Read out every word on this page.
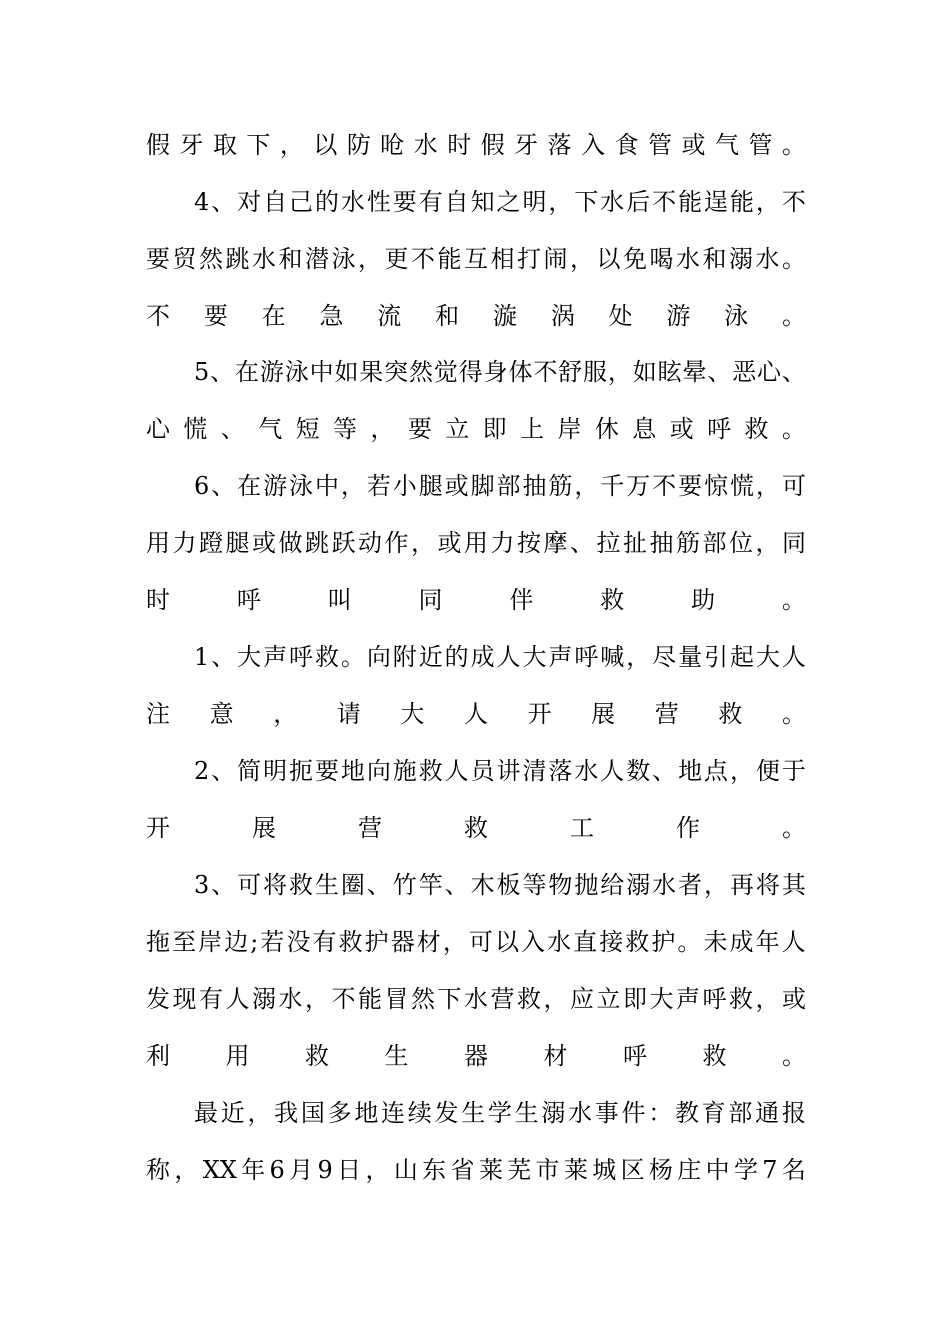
假 牙 取 下 ， 以 防 呛 水 时 假 牙 落 入 食 管 或 气 管 。
4 、 对 自 己 的 水 性 要 有 自 知 之 明 ， 下 水 后 不 能 逞 能 ， 不
要 贸 然 跳 水 和 潜 泳 ， 更 不 能 互 相 打 闹 ， 以 免 喝 水 和 溺 水 。
不 要 在 急 流 和 漩 涡 处 游 泳 。
5 、 在 游 泳 中 如 果 突 然 觉 得 身 体 不 舒 服 ， 如 眩 晕 、 恶 心 、
心 慌 、 气 短 等 ， 要 立 即 上 岸 休 息 或 呼 救 。
6 、 在 游 泳 中 ， 若 小 腿 或 脚 部 抽 筋 ， 千 万 不 要 惊 慌 ， 可
用 力 蹬 腿 或 做 跳 跃 动 作 ， 或 用 力 按 摩 、 拉 扯 抽 筋 部 位 ， 同
时	呼	叫	同	伴	救	助	。
1 、 大 声 呼 救 。 向 附 近 的 成 人 大 声 呼 喊 ， 尽 量 引 起 大 人
注 意 ， 请 大 人 开 展 营 救 。
2 、 简 明 扼 要 地 向 施 救 人 员 讲 清 落 水 人 数 、 地 点 ， 便 于
开	展	营	救	工	作	。
3 、 可 将 救 生 圈 、 竹 竿 、 木 板 等 物 抛 给 溺 水 者 ， 再 将 其
拖 至 岸 边 ; 若 没 有 救 护 器 材 ， 可 以 入 水 直 接 救 护 。 未 成 年 人
发 现 有 人 溺 水 ， 不 能 冒 然 下 水 营 救 ， 应 立 即 大 声 呼 救 ， 或
利 用 救 生 器 材 呼 救 。
最 近 ， 我 国 多 地 连 续 发 生 学 生 溺 水 事 件 ： 教 育 部 通 报
称 ， XX 年 6 月 9 日 ， 山 东 省 莱 芜 市 莱 城 区 杨 庄 中 学 7 名
